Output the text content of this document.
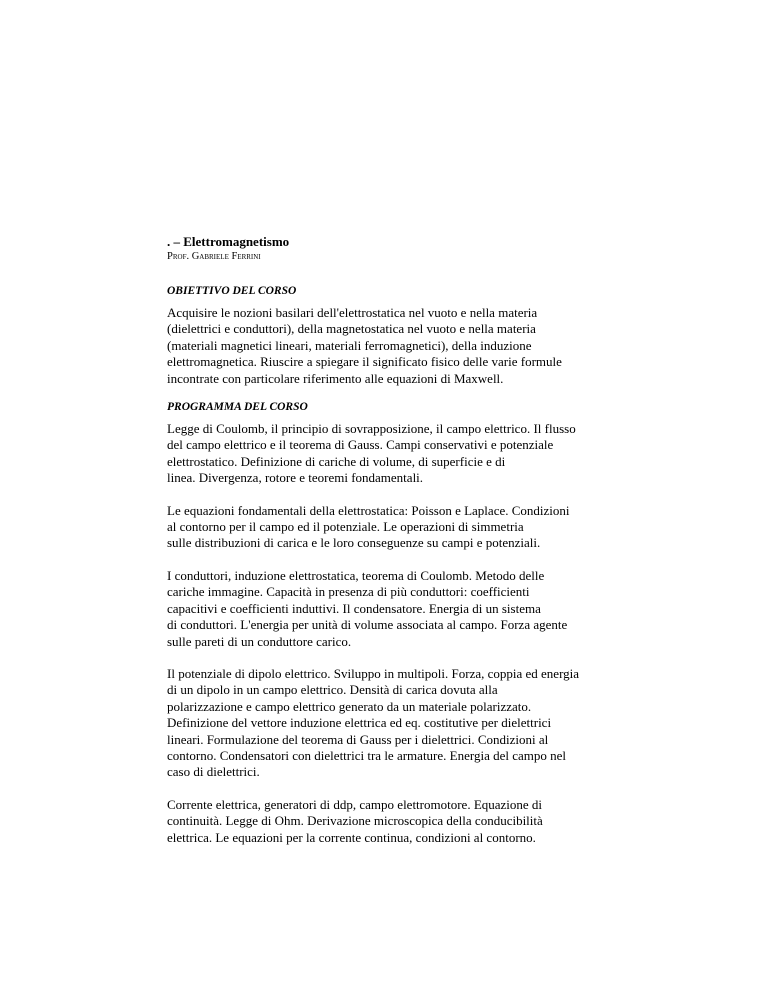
. – Elettromagnetismo

Prof. Gabriele Ferrini

OBIETTIVO DEL CORSO

Acquisire le nozioni basilari dell'elettrostatica nel vuoto e nella materia
(dielettrici e conduttori), della magnetostatica nel vuoto e nella materia
(materiali magnetici lineari, materiali ferromagnetici), della induzione
elettromagnetica. Riuscire a spiegare il significato fisico delle varie formule
incontrate con particolare riferimento alle equazioni di Maxwell.

PROGRAMMA DEL CORSO

Legge di Coulomb, il principio di sovrapposizione, il campo elettrico. Il flusso
del campo elettrico e il teorema di Gauss. Campi conservativi e potenziale
elettrostatico. Definizione di cariche di volume, di superficie e di
linea. Divergenza, rotore e teoremi fondamentali.

Le equazioni fondamentali della elettrostatica: Poisson e Laplace. Condizioni
al contorno per il campo ed il potenziale. Le operazioni di simmetria
sulle distribuzioni di carica e le loro conseguenze su campi e potenziali.

I conduttori, induzione elettrostatica, teorema di Coulomb. Metodo delle
cariche immagine. Capacità in presenza di più conduttori: coefficienti
capacitivi e coefficienti induttivi. Il condensatore. Energia di un sistema
di conduttori. L'energia per unità di volume associata al campo. Forza agente
sulle pareti di un conduttore carico.

Il potenziale di dipolo elettrico. Sviluppo in multipoli. Forza, coppia ed energia
di un dipolo in un campo elettrico. Densità di carica dovuta alla
polarizzazione e campo elettrico generato da un materiale polarizzato.
Definizione del vettore induzione elettrica ed eq. costitutive per dielettrici
lineari. Formulazione del teorema di Gauss per i dielettrici. Condizioni al
contorno. Condensatori con dielettrici tra le armature. Energia del campo nel
caso di dielettrici.

Corrente elettrica, generatori di ddp, campo elettromotore. Equazione di
continuità. Legge di Ohm. Derivazione microscopica della conducibilità
elettrica. Le equazioni per la corrente continua, condizioni al contorno.
